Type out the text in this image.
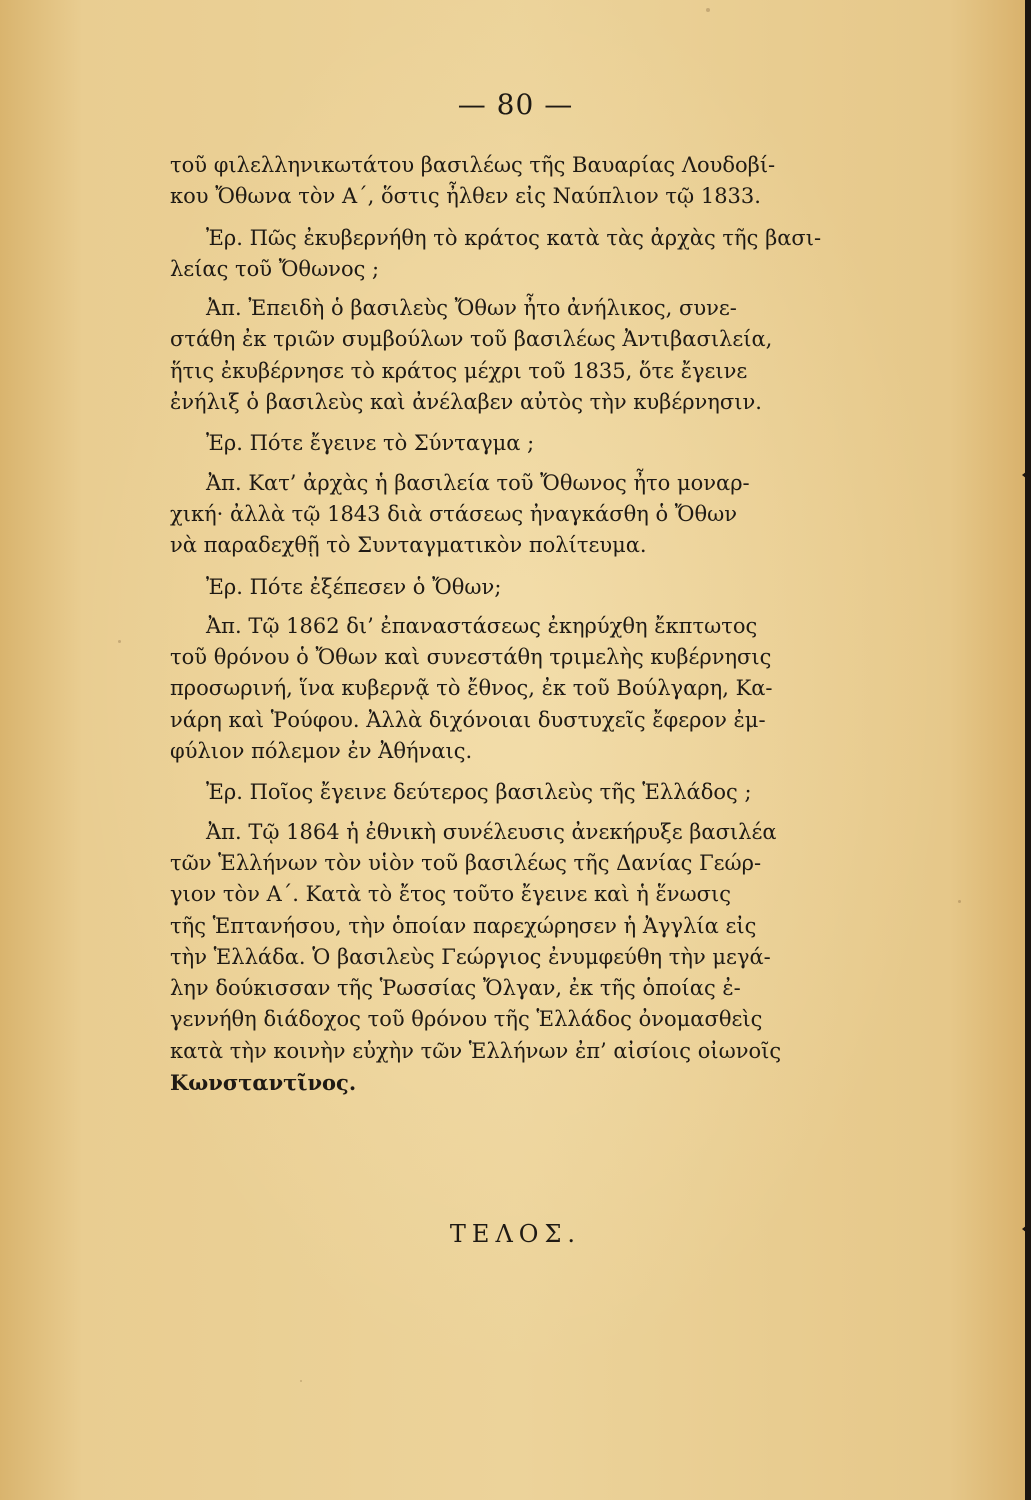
— 80 —

τοῦ φιλελληνικωτάτου βασιλέως τῆς Βαυαρίας Λουδοβί-
κου Ὄθωνα τὸν Α΄, ὅστις ἦλθεν εἰς Ναύπλιον τῷ 1833.

Ἐρ. Πῶς ἐκυβερνήθη τὸ κράτος κατὰ τὰς ἀρχὰς τῆς βασι-

λείας τοῦ Ὄθωνος ;

Ἀπ. Ἐπειδὴ ὁ βασιλεὺς Ὄθων ἦτο ἀνήλικος, συνε-

στάθη ἐκ τριῶν συμβούλων τοῦ βασιλέως Ἀντιβασιλεία,
ἥτις ἐκυβέρνησε τὸ κράτος μέχρι τοῦ 1835, ὅτε ἔγεινε
ἐνήλιξ ὁ βασιλεὺς καὶ ἀνέλαβεν αὐτὸς τὴν κυβέρνησιν.

Ἐρ. Πότε ἔγεινε τὸ Σύνταγμα ;

Ἀπ. Κατ’ ἀρχὰς ἡ βασιλεία τοῦ Ὄθωνος ἦτο μοναρ-

χική· ἀλλὰ τῷ 1843 διὰ στάσεως ἠναγκάσθη ὁ Ὄθων
νὰ παραδεχθῇ τὸ Συνταγματικὸν πολίτευμα.

Ἐρ. Πότε ἐξέπεσεν ὁ Ὄθων;

Ἀπ. Τῷ 1862 δι’ ἐπαναστάσεως ἐκηρύχθη ἔκπτωτος

τοῦ θρόνου ὁ Ὄθων καὶ συνεστάθη τριμελὴς κυβέρνησις
προσωρινή, ἵνα κυβερνᾷ τὸ ἔθνος, ἐκ τοῦ Βούλγαρη, Κα-
νάρη καὶ Ῥούφου. Ἀλλὰ διχόνοιαι δυστυχεῖς ἔφερον ἐμ-
φύλιον πόλεμον ἐν Ἀθήναις.

Ἐρ. Ποῖος ἔγεινε δεύτερος βασιλεὺς τῆς Ἑλλάδος ;

Ἀπ. Τῷ 1864 ἡ ἐθνικὴ συνέλευσις ἀνεκήρυξε βασιλέα

τῶν Ἑλλήνων τὸν υἱὸν τοῦ βασιλέως τῆς Δανίας Γεώρ-
γιον τὸν Α΄. Κατὰ τὸ ἔτος τοῦτο ἔγεινε καὶ ἡ ἕνωσις
τῆς Ἑπτανήσου, τὴν ὁποίαν παρεχώρησεν ἡ Ἀγγλία εἰς
τὴν Ἑλλάδα. Ὁ βασιλεὺς Γεώργιος ἐνυμφεύθη τὴν μεγά-
λην δούκισσαν τῆς Ῥωσσίας Ὄλγαν, ἐκ τῆς ὁποίας ἐ-
γεννήθη διάδοχος τοῦ θρόνου τῆς Ἑλλάδος ὀνομασθεὶς
κατὰ τὴν κοινὴν εὐχὴν τῶν Ἑλλήνων ἐπ’ αἰσίοις οἰωνοῖς
Κωνσταντῖνος.

ΤΕΛΟΣ.
